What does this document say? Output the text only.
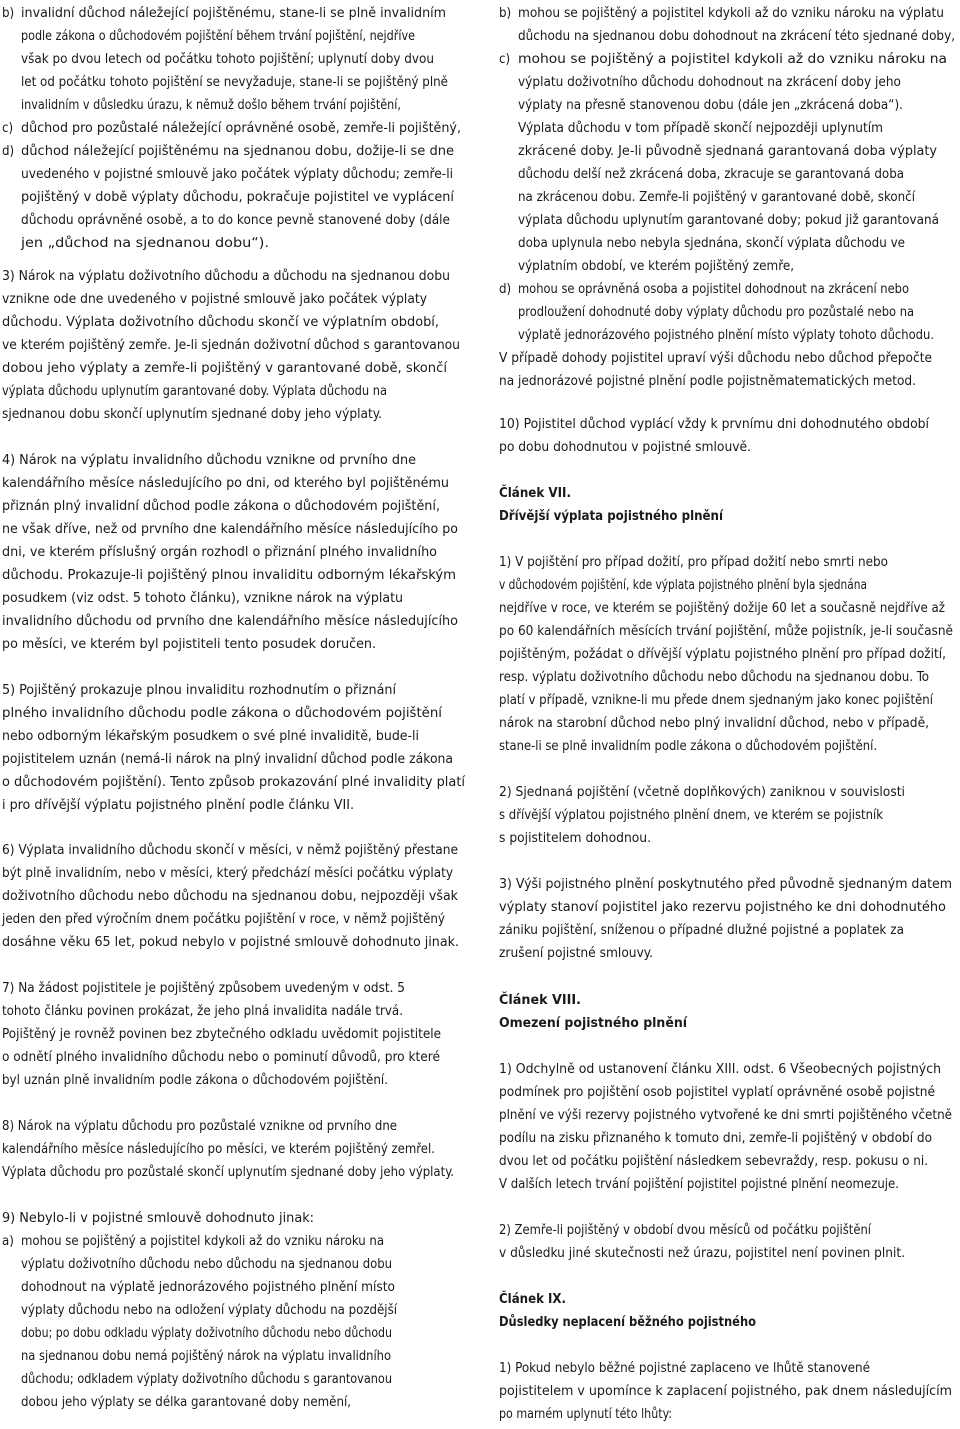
b) invalidní důchod náležející pojištěnému, stane-li se plně invalidním
podle zákona o důchodovém pojištění během trvání pojištění, nejdříve
však po dvou letech od počátku tohoto pojištění; uplynutí doby dvou
let od počátku tohoto pojištění se nevyžaduje, stane-li se pojištěný plně
invalidním v důsledku úrazu, k němuž došlo během trvání pojištění,
c) důchod pro pozůstalé náležející oprávněné osobě, zemře-li pojištěný,
d) důchod náležející pojištěnému na sjednanou dobu, dožije-li se dne
uvedeného v pojistné smlouvě jako počátek výplaty důchodu; zemře-li
pojištěný v době výplaty důchodu, pokračuje pojistitel ve vyplácení
důchodu oprávněné osobě, a to do konce pevně stanovené doby (dále
jen „důchod na sjednanou dobu“).
3) Nárok na výplatu doživotního důchodu a důchodu na sjednanou dobu
vznikne ode dne uvedeného v pojistné smlouvě jako počátek výplaty
důchodu. Výplata doživotního důchodu skončí ve výplatním období,
ve kterém pojištěný zemře. Je-li sjednán doživotní důchod s garantovanou
dobou jeho výplaty a zemře-li pojištěný v garantované době, skončí
výplata důchodu uplynutím garantované doby. Výplata důchodu na
sjednanou dobu skončí uplynutím sjednané doby jeho výplaty.
4) Nárok na výplatu invalidního důchodu vznikne od prvního dne
kalendářního měsíce následujícího po dni, od kterého byl pojištěnému
přiznán plný invalidní důchod podle zákona o důchodovém pojištění,
ne však dříve, než od prvního dne kalendářního měsíce následujícího po
dni, ve kterém příslušný orgán rozhodl o přiznání plného invalidního
důchodu. Prokazuje-li pojištěný plnou invaliditu odborným lékařským
posudkem (viz odst. 5 tohoto článku), vznikne nárok na výplatu
invalidního důchodu od prvního dne kalendářního měsíce následujícího
po měsíci, ve kterém byl pojistiteli tento posudek doručen.
5) Pojištěný prokazuje plnou invaliditu rozhodnutím o přiznání
plného invalidního důchodu podle zákona o důchodovém pojištění
nebo odborným lékařským posudkem o své plné invaliditě, bude-li
pojistitelem uznán (nemá-li nárok na plný invalidní důchod podle zákona
o důchodovém pojištění). Tento způsob prokazování plné invalidity platí
i pro dřívější výplatu pojistného plnění podle článku VII.
6) Výplata invalidního důchodu skončí v měsíci, v němž pojištěný přestane
být plně invalidním, nebo v měsíci, který předchází měsíci počátku výplaty
doživotního důchodu nebo důchodu na sjednanou dobu, nejpozději však
jeden den před výročním dnem počátku pojištění v roce, v němž pojištěný
dosáhne věku 65 let, pokud nebylo v pojistné smlouvě dohodnuto jinak.
7) Na žádost pojistitele je pojištěný způsobem uvedeným v odst. 5
tohoto článku povinen prokázat, že jeho plná invalidita nadále trvá.
Pojištěný je rovněž povinen bez zbytečného odkladu uvědomit pojistitele
o odnětí plného invalidního důchodu nebo o pominutí důvodů, pro které
byl uznán plně invalidním podle zákona o důchodovém pojištění.
8) Nárok na výplatu důchodu pro pozůstalé vznikne od prvního dne
kalendářního měsíce následujícího po měsíci, ve kterém pojištěný zemřel.
Výplata důchodu pro pozůstalé skončí uplynutím sjednané doby jeho výplaty.
9) Nebylo-li v pojistné smlouvě dohodnuto jinak:
a) mohou se pojištěný a pojistitel kdykoli až do vzniku nároku na
výplatu doživotního důchodu nebo důchodu na sjednanou dobu
dohodnout na výplatě jednorázového pojistného plnění místo
výplaty důchodu nebo na odložení výplaty důchodu na pozdější
dobu; po dobu odkladu výplaty doživotního důchodu nebo důchodu
na sjednanou dobu nemá pojištěný nárok na výplatu invalidního
důchodu; odkladem výplaty doživotního důchodu s garantovanou
dobou jeho výplaty se délka garantované doby nemění,
b) mohou se pojištěný a pojistitel kdykoli až do vzniku nároku na výplatu
důchodu na sjednanou dobu dohodnout na zkrácení této sjednané doby,
c) mohou se pojištěný a pojistitel kdykoli až do vzniku nároku na
výplatu doživotního důchodu dohodnout na zkrácení doby jeho
výplaty na přesně stanovenou dobu (dále jen „zkrácená doba“).
Výplata důchodu v tom případě skončí nejpozději uplynutím
zkrácené doby. Je-li původně sjednaná garantovaná doba výplaty
důchodu delší než zkrácená doba, zkracuje se garantovaná doba
na zkrácenou dobu. Zemře-li pojištěný v garantované době, skončí
výplata důchodu uplynutím garantované doby; pokud již garantovaná
doba uplynula nebo nebyla sjednána, skončí výplata důchodu ve
výplatním období, ve kterém pojištěný zemře,
d) mohou se oprávněná osoba a pojistitel dohodnout na zkrácení nebo
prodloužení dohodnuté doby výplaty důchodu pro pozůstalé nebo na
výplatě jednorázového pojistného plnění místo výplaty tohoto důchodu.
V případě dohody pojistitel upraví výši důchodu nebo důchod přepočte
na jednorázové pojistné plnění podle pojistněmatematických metod.
10) Pojistitel důchod vyplácí vždy k prvnímu dni dohodnutého období
po dobu dohodnutou v pojistné smlouvě.
Článek VII.
Dřívější výplata pojistného plnění
1) V pojištění pro případ dožití, pro případ dožití nebo smrti nebo
v důchodovém pojištění, kde výplata pojistného plnění byla sjednána
nejdříve v roce, ve kterém se pojištěný dožije 60 let a současně nejdříve až
po 60 kalendářních měsících trvání pojištění, může pojistník, je-li současně
pojištěným, požádat o dřívější výplatu pojistného plnění pro případ dožití,
resp. výplatu doživotního důchodu nebo důchodu na sjednanou dobu. To
platí v případě, vznikne-li mu přede dnem sjednaným jako konec pojištění
nárok na starobní důchod nebo plný invalidní důchod, nebo v případě,
stane-li se plně invalidním podle zákona o důchodovém pojištění.
2) Sjednaná pojištění (včetně doplňkových) zaniknou v souvislosti
s dřívější výplatou pojistného plnění dnem, ve kterém se pojistník
s pojistitelem dohodnou.
3) Výši pojistného plnění poskytnutého před původně sjednaným datem
výplaty stanoví pojistitel jako rezervu pojistného ke dni dohodnutého
zániku pojištění, sníženou o případné dlužné pojistné a poplatek za
zrušení pojistné smlouvy.
Článek VIII.
Omezení pojistného plnění
1) Odchylně od ustanovení článku XIII. odst. 6 Všeobecných pojistných
podmínek pro pojištění osob pojistitel vyplatí oprávněné osobě pojistné
plnění ve výši rezervy pojistného vytvořené ke dni smrti pojištěného včetně
podílu na zisku přiznaného k tomuto dni, zemře-li pojištěný v období do
dvou let od počátku pojištění následkem sebevraždy, resp. pokusu o ni.
V dalších letech trvání pojištění pojistitel pojistné plnění neomezuje.
2) Zemře-li pojištěný v období dvou měsíců od počátku pojištění
v důsledku jiné skutečnosti než úrazu, pojistitel není povinen plnit.
Článek IX.
Důsledky neplacení běžného pojistného
1) Pokud nebylo běžné pojistné zaplaceno ve lhůtě stanovené
pojistitelem v upomínce k zaplacení pojistného, pak dnem následujícím
po marném uplynutí této lhůty:
